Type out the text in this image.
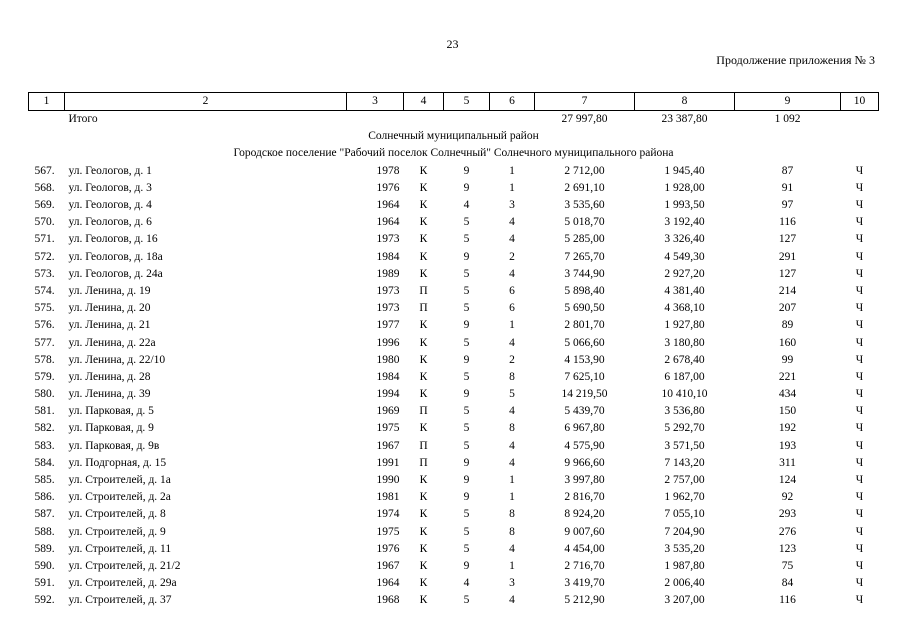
23
Продолжение приложения № 3
1	2	3	4	5	6	7	8	9	10
	Итого					27 997,80	23 387,80	1 092	
Солнечный муниципальный район									
Городское поселение "Рабочий поселок Солнечный" Солнечного муниципального района									
567.	ул. Геологов, д. 1	1978	К	9	1	2 712,00	1 945,40	87	Ч
568.	ул. Геологов, д. 3	1976	К	9	1	2 691,10	1 928,00	91	Ч
569.	ул. Геологов, д. 4	1964	К	4	3	3 535,60	1 993,50	97	Ч
570.	ул. Геологов, д. 6	1964	К	5	4	5 018,70	3 192,40	116	Ч
571.	ул. Геологов, д. 16	1973	К	5	4	5 285,00	3 326,40	127	Ч
572.	ул. Геологов, д. 18а	1984	К	9	2	7 265,70	4 549,30	291	Ч
573.	ул. Геологов, д. 24а	1989	К	5	4	3 744,90	2 927,20	127	Ч
574.	ул. Ленина, д. 19	1973	П	5	6	5 898,40	4 381,40	214	Ч
575.	ул. Ленина, д. 20	1973	П	5	6	5 690,50	4 368,10	207	Ч
576.	ул. Ленина, д. 21	1977	К	9	1	2 801,70	1 927,80	89	Ч
577.	ул. Ленина, д. 22а	1996	К	5	4	5 066,60	3 180,80	160	Ч
578.	ул. Ленина, д. 22/10	1980	К	9	2	4 153,90	2 678,40	99	Ч
579.	ул. Ленина, д. 28	1984	К	5	8	7 625,10	6 187,00	221	Ч
580.	ул. Ленина, д. 39	1994	К	9	5	14 219,50	10 410,10	434	Ч
581.	ул. Парковая, д. 5	1969	П	5	4	5 439,70	3 536,80	150	Ч
582.	ул. Парковая, д. 9	1975	К	5	8	6 967,80	5 292,70	192	Ч
583.	ул. Парковая, д. 9в	1967	П	5	4	4 575,90	3 571,50	193	Ч
584.	ул. Подгорная, д. 15	1991	П	9	4	9 966,60	7 143,20	311	Ч
585.	ул. Строителей, д. 1а	1990	К	9	1	3 997,80	2 757,00	124	Ч
586.	ул. Строителей, д. 2а	1981	К	9	1	2 816,70	1 962,70	92	Ч
587.	ул. Строителей, д. 8	1974	К	5	8	8 924,20	7 055,10	293	Ч
588.	ул. Строителей, д. 9	1975	К	5	8	9 007,60	7 204,90	276	Ч
589.	ул. Строителей, д. 11	1976	К	5	4	4 454,00	3 535,20	123	Ч
590.	ул. Строителей, д. 21/2	1967	К	9	1	2 716,70	1 987,80	75	Ч
591.	ул. Строителей, д. 29а	1964	К	4	3	3 419,70	2 006,40	84	Ч
592.	ул. Строителей, д. 37	1968	К	5	4	5 212,90	3 207,00	116	Ч
